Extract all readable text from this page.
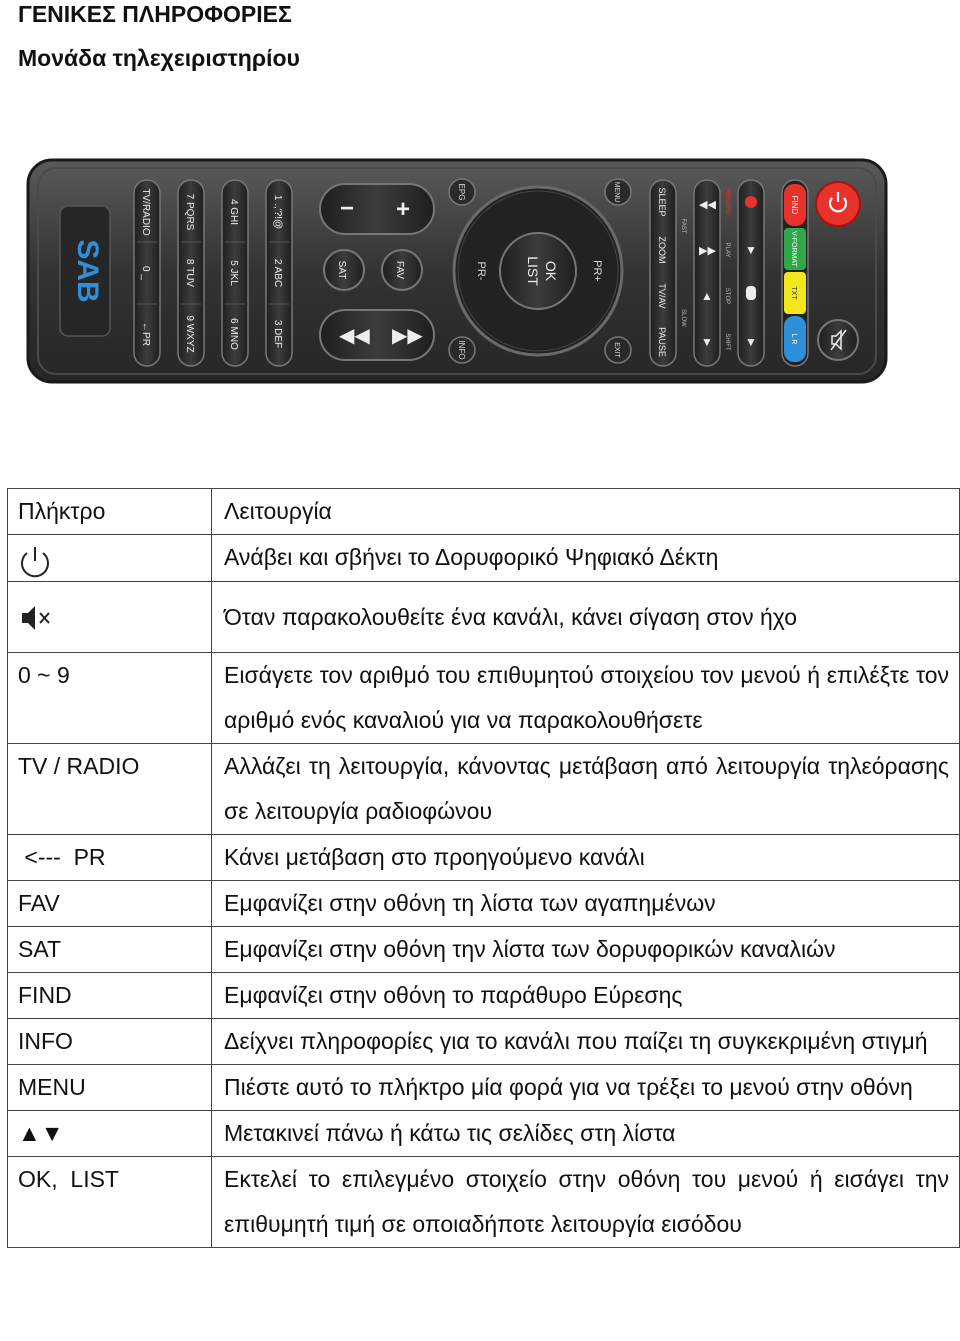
ΓΕΝΙΚΕΣ ΠΛΗΡΟΦΟΡΙΕΣ
Μονάδα τηλεχειριστηρίου
SAB
TV/RADIO
0 _
←PR
7 PQRS
8 TUV
9 WXYZ
4 GHI
5 JKL
6 MNO
1 .,'?!@
2 ABC
3 DEF
− +
SAT	FAV
◀◀ ▶▶
EPG
INFO
OK
LIST
PR-	PR+
MENU
EXIT
SLEEP
ZOOM
TV/AV
PAUSE
FAST
SLOW
◀◀
▶▶
▲
▼
PLAY
STOP
SHIFT
RECORD
▼
▼
FIND
V-FORMAT
TXT
L R
Πλήκτρο	Λειτουργία
	Ανάβει και σβήνει το Δορυφορικό Ψηφιακό Δέκτη
	Όταν παρακολουθείτε ένα κανάλι, κάνει σίγαση στον ήχο
0 ~ 9	Εισάγετε τον αριθμό του επιθυμητού στοιχείου τον μενού ή επιλέξτε τον αριθμό ενός καναλιού για να παρακολουθήσετε
TV / RADIO	Αλλάζει τη λειτουργία, κάνοντας μετάβαση από λειτουργία τηλεόρασης σε λειτουργία ραδιοφώνου
<---  PR	Κάνει μετάβαση στο προηγούμενο κανάλι
FAV	Εμφανίζει στην οθόνη τη λίστα των αγαπημένων
SAT	Εμφανίζει στην οθόνη την λίστα των δορυφορικών καναλιών
FIND	Εμφανίζει στην οθόνη το παράθυρο Εύρεσης
INFO	Δείχνει πληροφορίες για το κανάλι που παίζει τη συγκεκριμένη στιγμή
MENU	Πιέστε αυτό το πλήκτρο μία φορά για να τρέξει το μενού στην οθόνη
▲▼	Μετακινεί πάνω ή κάτω τις σελίδες στη λίστα
OK,  LIST	Εκτελεί το επιλεγμένο στοιχείο στην οθόνη του μενού ή εισάγει την επιθυμητή τιμή σε οποιαδήποτε λειτουργία εισόδου
